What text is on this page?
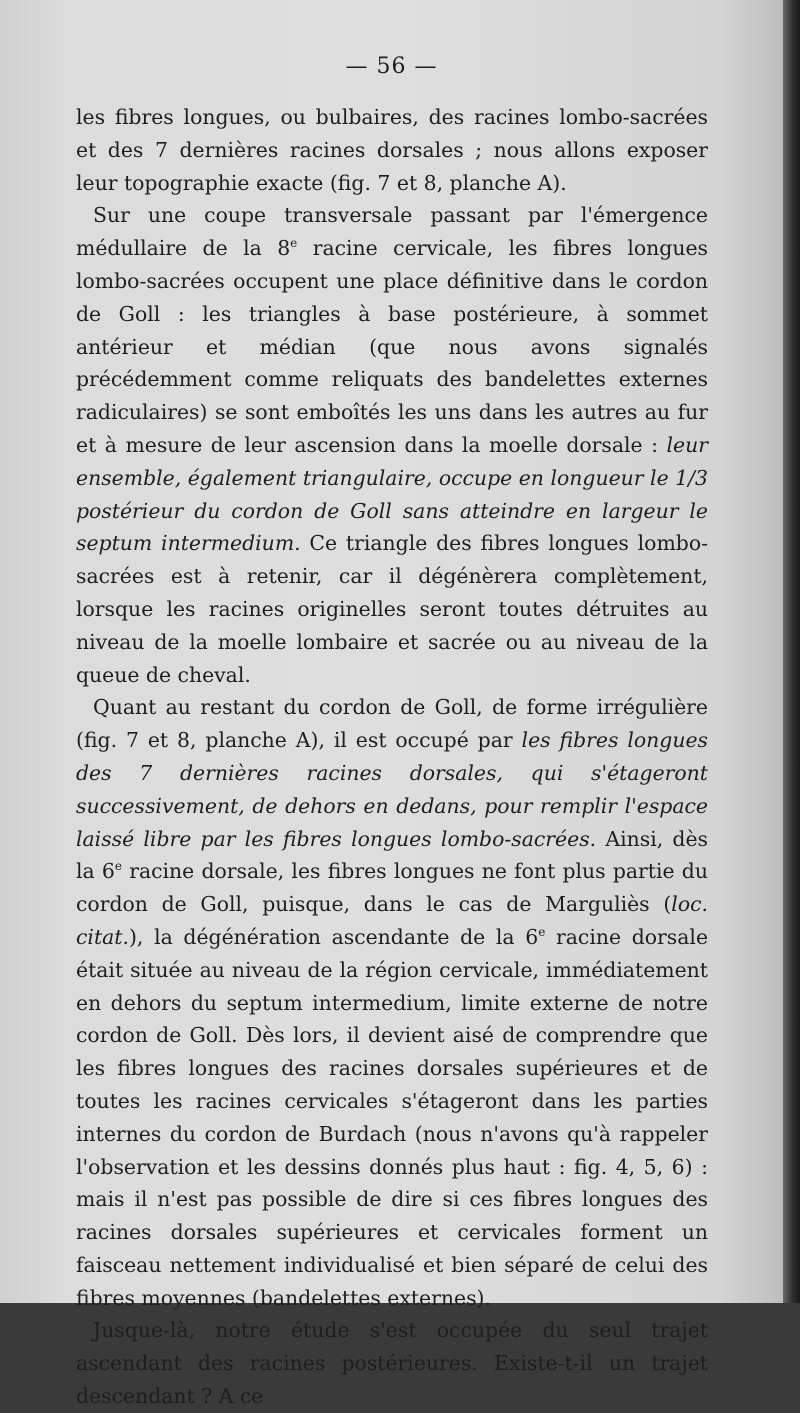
— 56 —

les fibres longues, ou bulbaires, des racines lombo-sacrées et des 7 dernières racines dorsales ; nous allons exposer leur topographie exacte (fig. 7 et 8, planche A).

Sur une coupe transversale passant par l'émergence médullaire de la 8e racine cervicale, les fibres longues lombo-sacrées occupent une place définitive dans le cordon de Goll : les triangles à base postérieure, à sommet antérieur et médian (que nous avons signalés précédemment comme reliquats des bandelettes externes radiculaires) se sont emboîtés les uns dans les autres au fur et à mesure de leur ascension dans la moelle dorsale : leur ensemble, également triangulaire, occupe en longueur le 1/3 postérieur du cordon de Goll sans atteindre en largeur le septum intermedium. Ce triangle des fibres longues lombo-sacrées est à retenir, car il dégénèrera complètement, lorsque les racines originelles seront toutes détruites au niveau de la moelle lombaire et sacrée ou au niveau de la queue de cheval.

Quant au restant du cordon de Goll, de forme irrégulière (fig. 7 et 8, planche A), il est occupé par les fibres longues des 7 dernières racines dorsales, qui s'étageront successivement, de dehors en dedans, pour remplir l'espace laissé libre par les fibres longues lombo-sacrées. Ainsi, dès la 6e racine dorsale, les fibres longues ne font plus partie du cordon de Goll, puisque, dans le cas de Marguliès (loc. citat.), la dégénération ascendante de la 6e racine dorsale était située au niveau de la région cervicale, immédiatement en dehors du septum intermedium, limite externe de notre cordon de Goll. Dès lors, il devient aisé de comprendre que les fibres longues des racines dorsales supérieures et de toutes les racines cervicales s'étageront dans les parties internes du cordon de Burdach (nous n'avons qu'à rappeler l'observation et les dessins donnés plus haut : fig. 4, 5, 6) : mais il n'est pas possible de dire si ces fibres longues des racines dorsales supérieures et cervicales forment un faisceau nettement individualisé et bien séparé de celui des fibres moyennes (bandelettes externes).

Jusque-là, notre étude s'est occupée du seul trajet ascendant des racines postérieures. Existe-t-il un trajet descendant ? A ce
